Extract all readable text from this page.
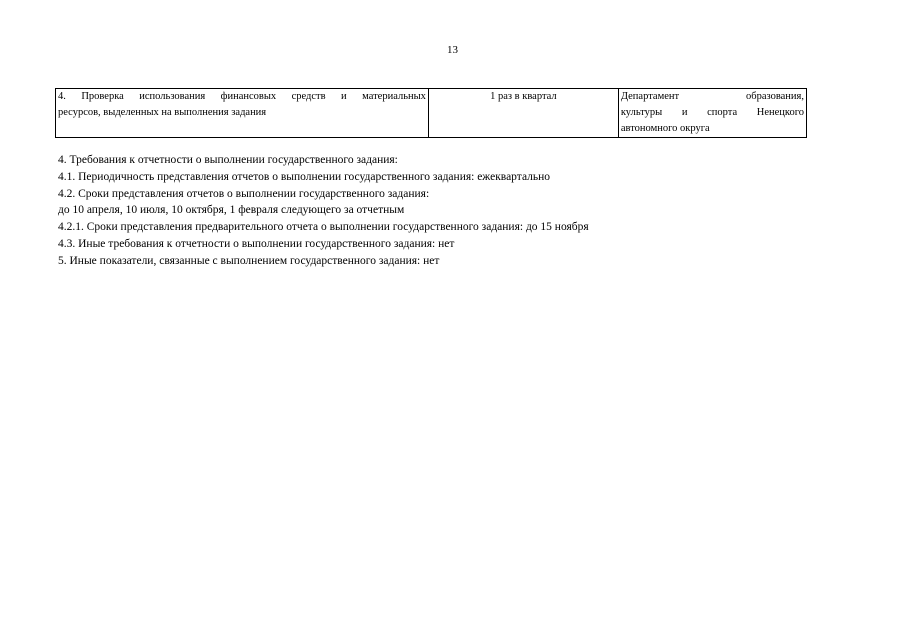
13
4. Проверка использования финансовых средств и материальных
ресурсов, выделенных на выполнения задания
	1 раз в квартал	Департамент образования,
культуры и спорта Ненецкого
автономного округа
4. Требования к отчетности о выполнении государственного задания:
4.1. Периодичность представления отчетов о выполнении государственного задания: ежеквартально
4.2. Сроки представления отчетов о выполнении государственного задания:
до 10 апреля, 10 июля, 10 октября, 1 февраля следующего за отчетным
4.2.1. Сроки представления предварительного отчета о выполнении государственного задания: до 15 ноября
4.3. Иные требования к отчетности о выполнении государственного задания: нет
5. Иные показатели, связанные с выполнением государственного задания: нет
